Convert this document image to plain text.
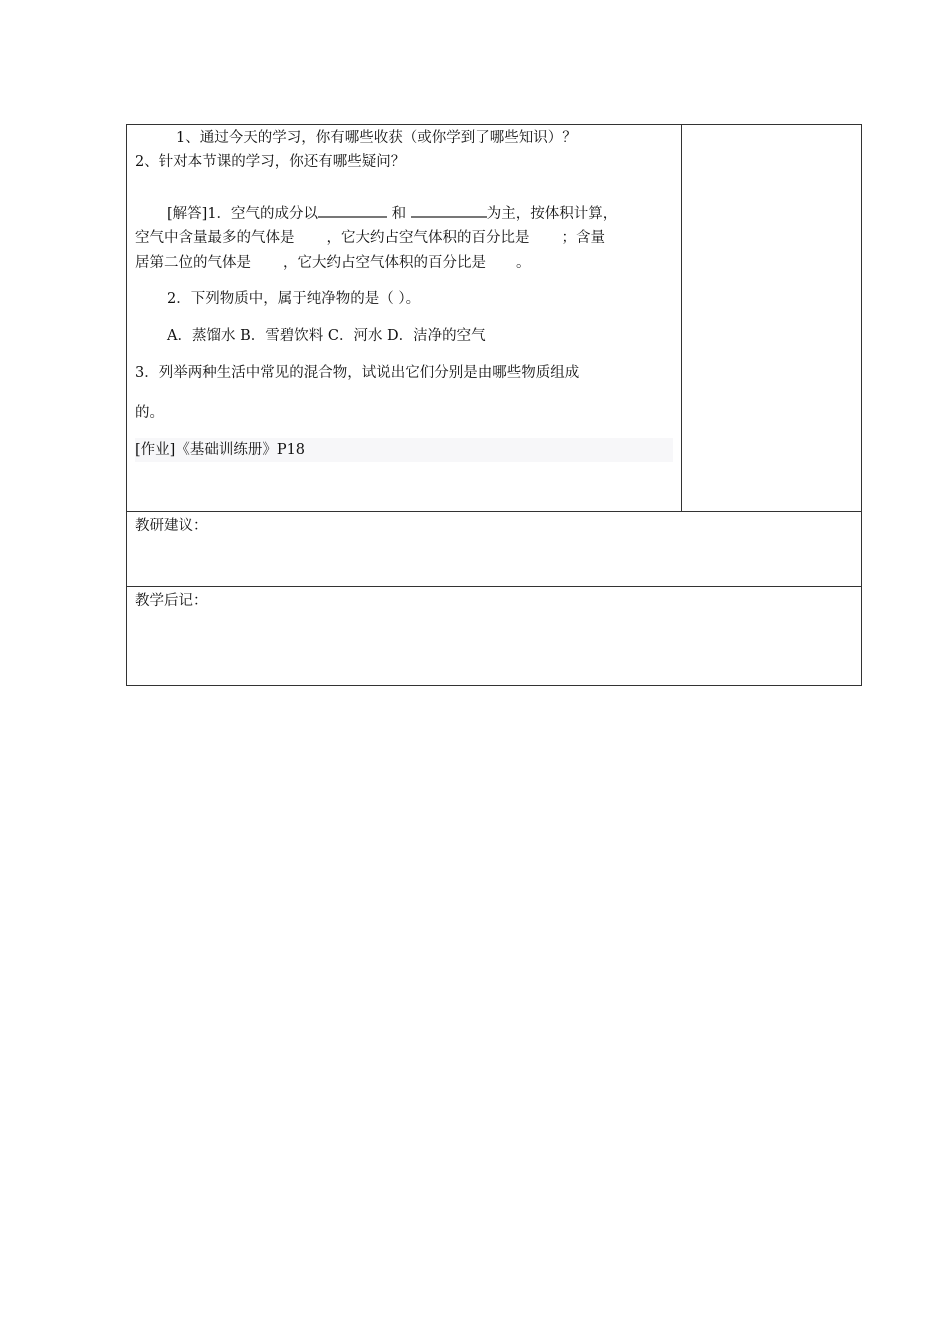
1、通过今天的学习，你有哪些收获（或你学到了哪些知识）？
2、针对本节课的学习，你还有哪些疑问？
[解答]1．空气的成分以	和	为主，按体积计算，
空气中含量最多的气体是 ，它大约占空气体积的百分比是 ；含量
居第二位的气体是 ，它大约占空气体积的百分比是 。
2．下列物质中，属于纯净物的是（ ）。
A．蒸馏水 B．雪碧饮料 C．河水 D．洁净的空气
3．列举两种生活中常见的混合物，试说出它们分别是由哪些物质组成
的。
[作业]《基础训练册》P18
教研建议：
教学后记：
